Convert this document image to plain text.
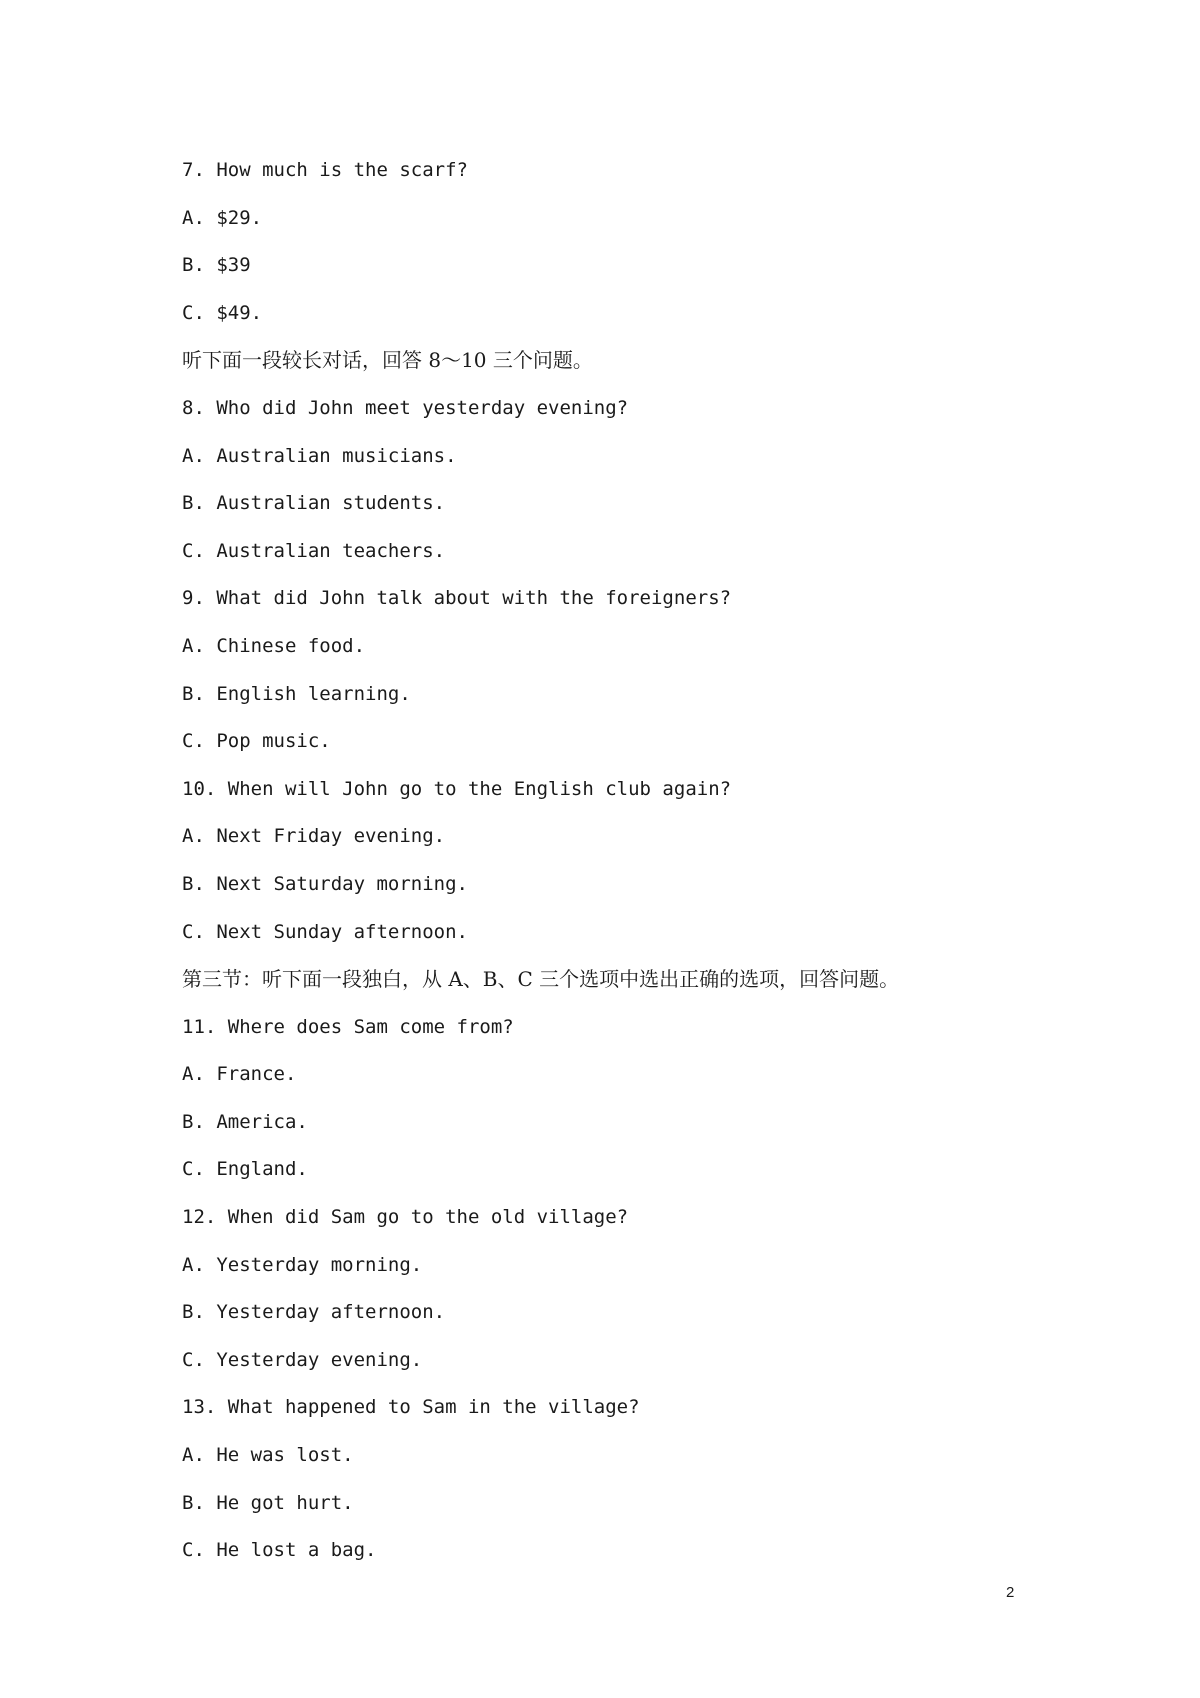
7. How much is the scarf?
A. $29.
B. $39
C. $49.
听下面一段较长对话，回答 8～10 三个问题。
8. Who did John meet yesterday evening?
A. Australian musicians.
B. Australian students.
C. Australian teachers.
9. What did John talk about with the foreigners?
A. Chinese food.
B. English learning.
C. Pop music.
10. When will John go to the English club again?
A. Next Friday evening.
B. Next Saturday morning.
C. Next Sunday afternoon.
第三节：听下面一段独白，从 A、B、C 三个选项中选出正确的选项，回答问题。
11. Where does Sam come from?
A. France.
B. America.
C. England.
12. When did Sam go to the old village?
A. Yesterday morning.
B. Yesterday afternoon.
C. Yesterday evening.
13. What happened to Sam in the village?
A. He was lost.
B. He got hurt.
C. He lost a bag.
2
